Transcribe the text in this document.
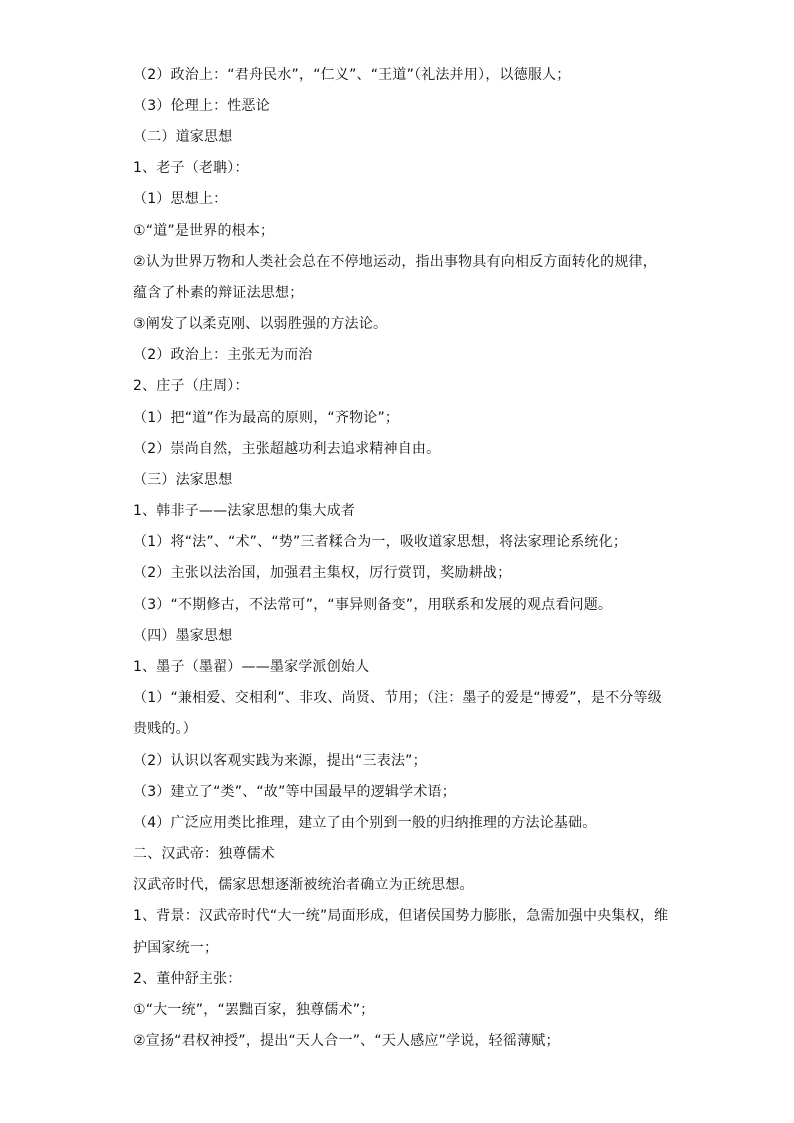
（2）政治上：“君舟民水”，“仁义”、“王道”（礼法并用），以德服人；
（3）伦理上：性恶论
（二）道家思想
1、老子（老聃）：
（1）思想上：
①“道”是世界的根本；
②认为世界万物和人类社会总在不停地运动，指出事物具有向相反方面转化的规律，
蕴含了朴素的辩证法思想；
③阐发了以柔克刚、以弱胜强的方法论。
（2）政治上：主张无为而治
2、庄子（庄周）：
（1）把“道”作为最高的原则，“齐物论”；
（2）崇尚自然，主张超越功利去追求精神自由。
（三）法家思想
1、韩非子——法家思想的集大成者
（1）将“法”、“术”、“势”三者糅合为一，吸收道家思想，将法家理论系统化；
（2）主张以法治国，加强君主集权，厉行赏罚，奖励耕战；
（3）“不期修古，不法常可”，“事异则备变”，用联系和发展的观点看问题。
（四）墨家思想
1、墨子（墨翟）——墨家学派创始人
（1）“兼相爱、交相利”、非攻、尚贤、节用；（注：墨子的爱是“博爱”，是不分等级
贵贱的。）
（2）认识以客观实践为来源，提出“三表法”；
（3）建立了“类”、“故”等中国最早的逻辑学术语；
（4）广泛应用类比推理，建立了由个别到一般的归纳推理的方法论基础。
二、汉武帝：独尊儒术
汉武帝时代，儒家思想逐渐被统治者确立为正统思想。
1、背景：汉武帝时代“大一统”局面形成，但诸侯国势力膨胀，急需加强中央集权，维
护国家统一；
2、董仲舒主张：
①“大一统”，“罢黜百家，独尊儒术”；
②宣扬“君权神授”，提出“天人合一”、“天人感应”学说，轻徭薄赋；
